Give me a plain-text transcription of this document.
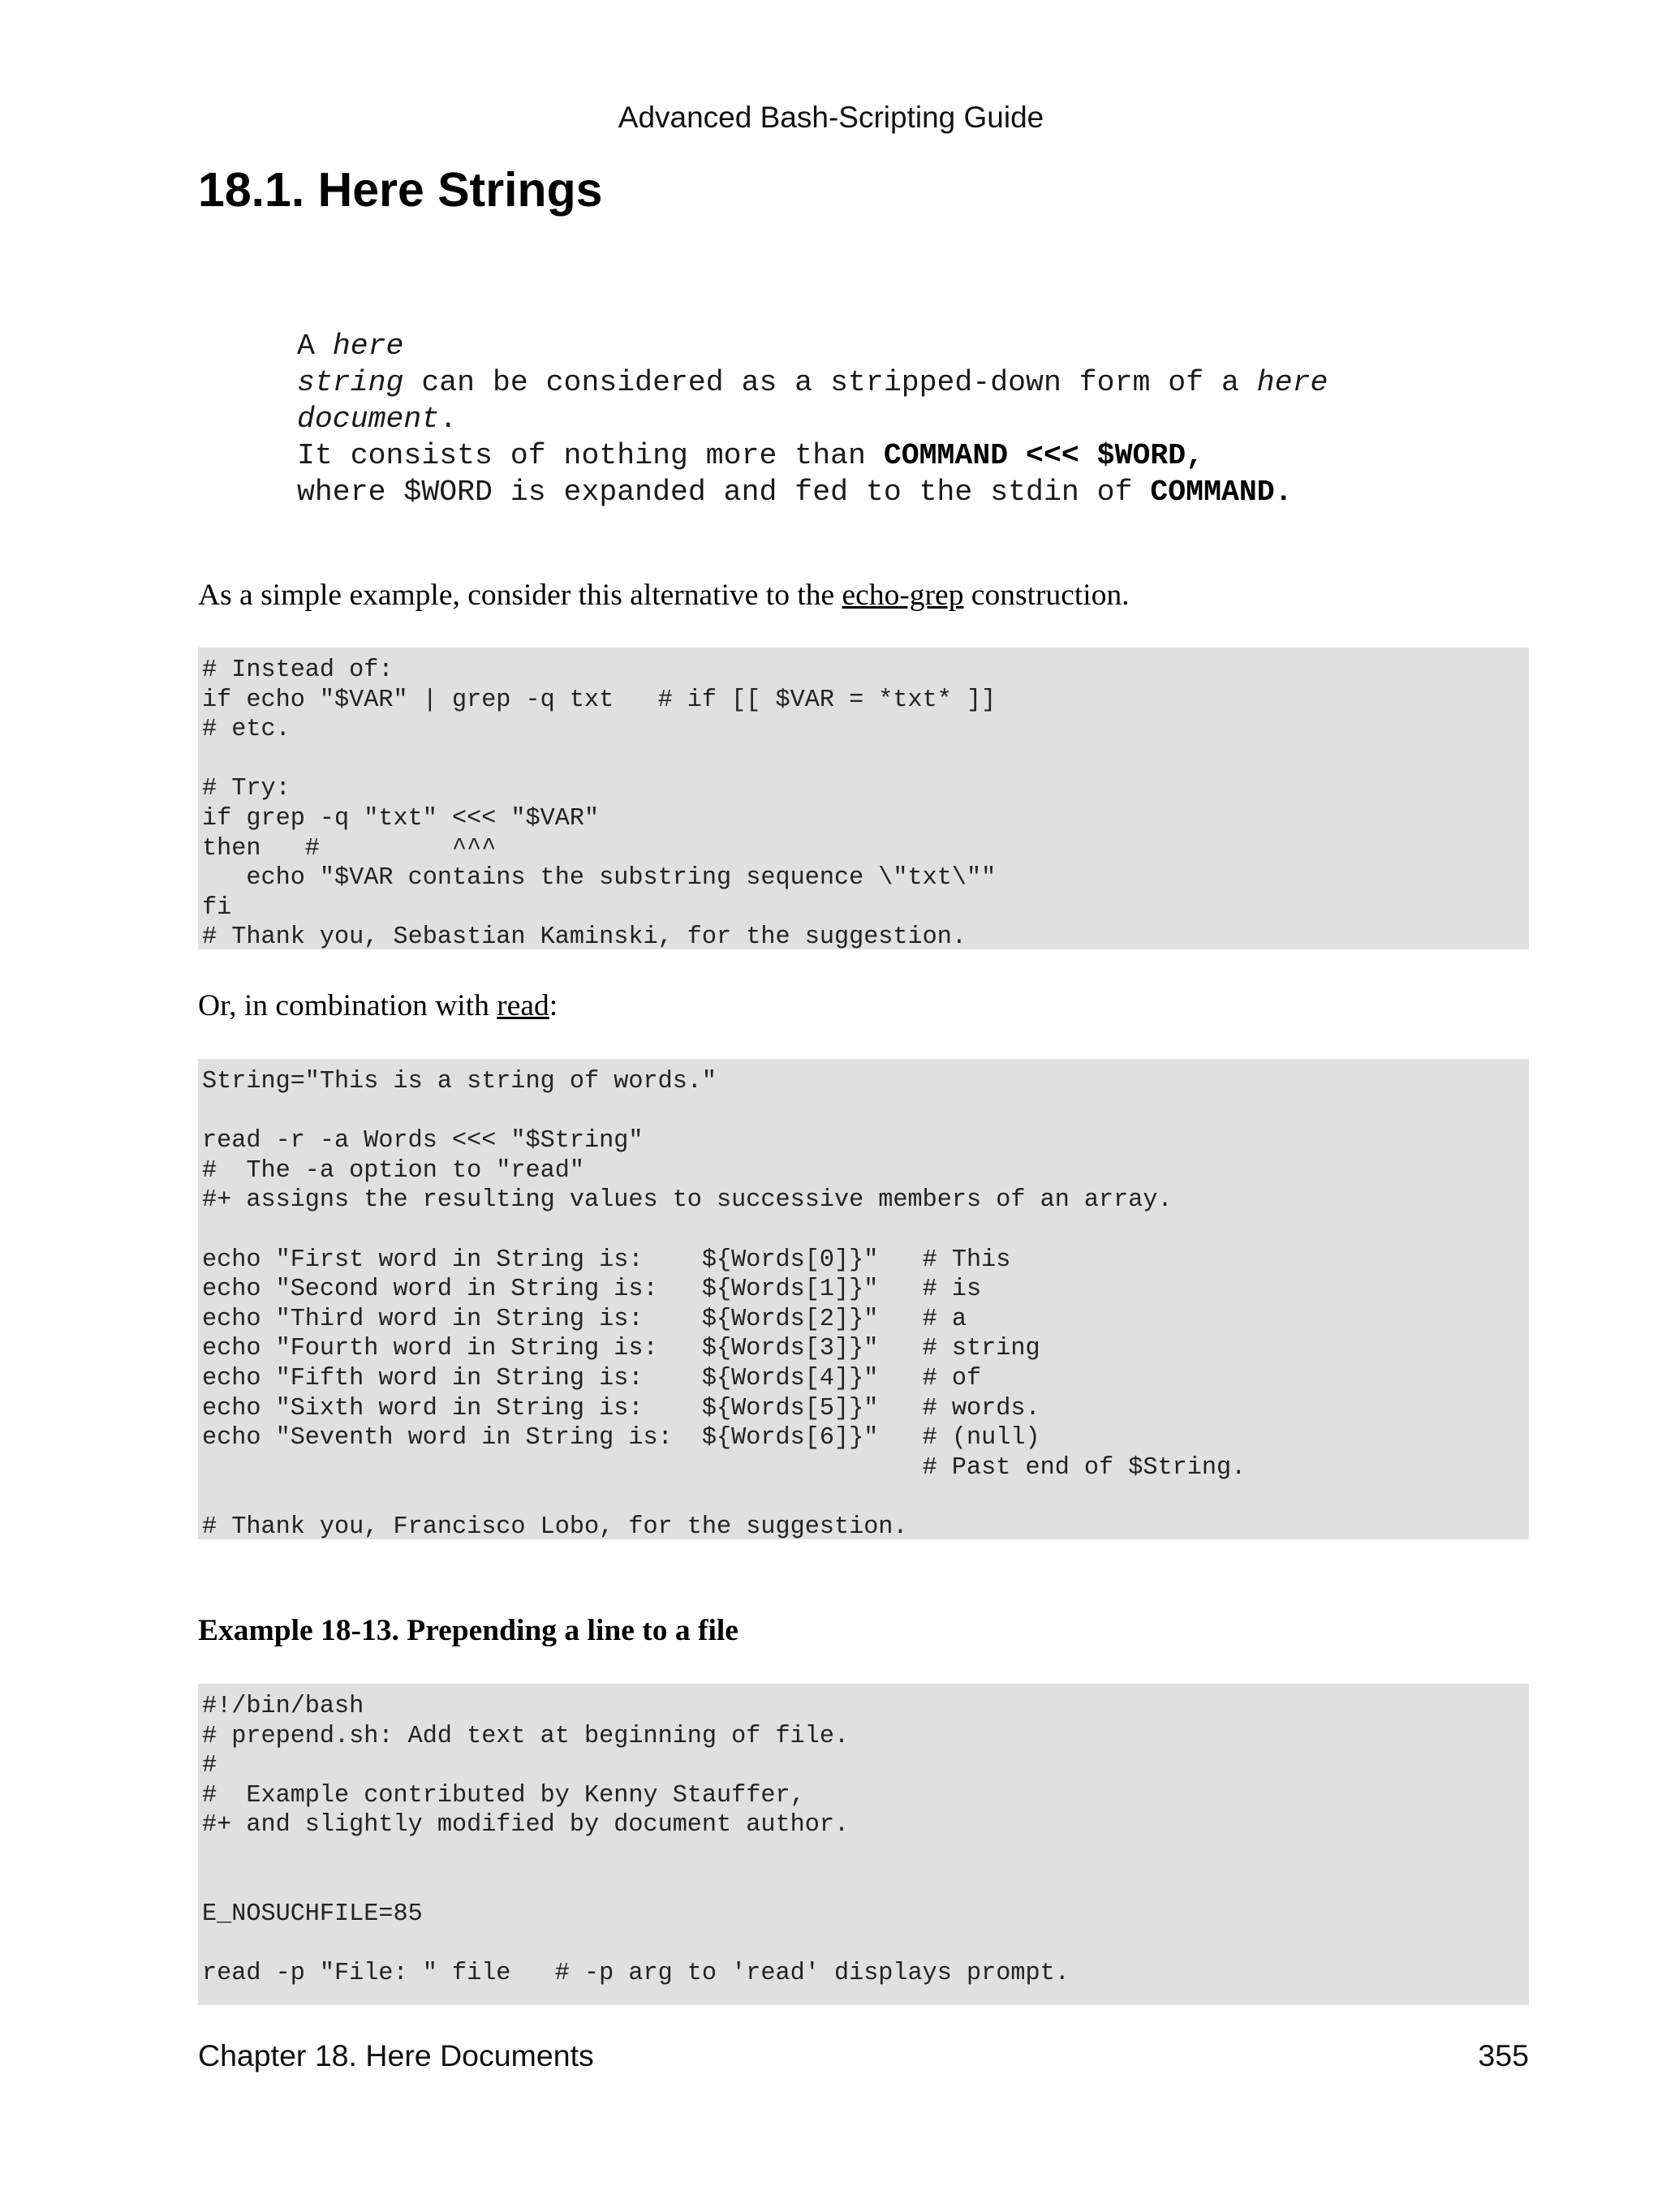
Advanced Bash-Scripting Guide
18.1. Here Strings
A here
string can be considered as a stripped-down form of a here
document.
It consists of nothing more than COMMAND <<< $WORD,
where $WORD is expanded and fed to the stdin of COMMAND.

As a simple example, consider this alternative to the echo-grep construction.

# Instead of:
if echo "$VAR" | grep -q txt   # if [[ $VAR = *txt* ]]
# etc.
# Try:
if grep -q "txt" <<< "$VAR"
then   #         ^^^
echo "$VAR contains the substring sequence \"txt\""
fi
# Thank you, Sebastian Kaminski, for the suggestion.

Or, in combination with read:

String="This is a string of words."
read -r -a Words <<< "$String"
#  The -a option to "read"
#+ assigns the resulting values to successive members of an array.
echo "First word in String is:    ${Words[0]}"   # This
echo "Second word in String is:   ${Words[1]}"   # is
echo "Third word in String is:    ${Words[2]}"   # a
echo "Fourth word in String is:   ${Words[3]}"   # string
echo "Fifth word in String is:    ${Words[4]}"   # of
echo "Sixth word in String is:    ${Words[5]}"   # words.
echo "Seventh word in String is:  ${Words[6]}"   # (null)
# Past end of $String.
# Thank you, Francisco Lobo, for the suggestion.
Example 18-13. Prepending a line to a file
#!/bin/bash
# prepend.sh: Add text at beginning of file.
#
#  Example contributed by Kenny Stauffer,
#+ and slightly modified by document author.
E_NOSUCHFILE=85
read -p "File: " file   # -p arg to 'read' displays prompt.
Chapter 18. Here Documents	355
